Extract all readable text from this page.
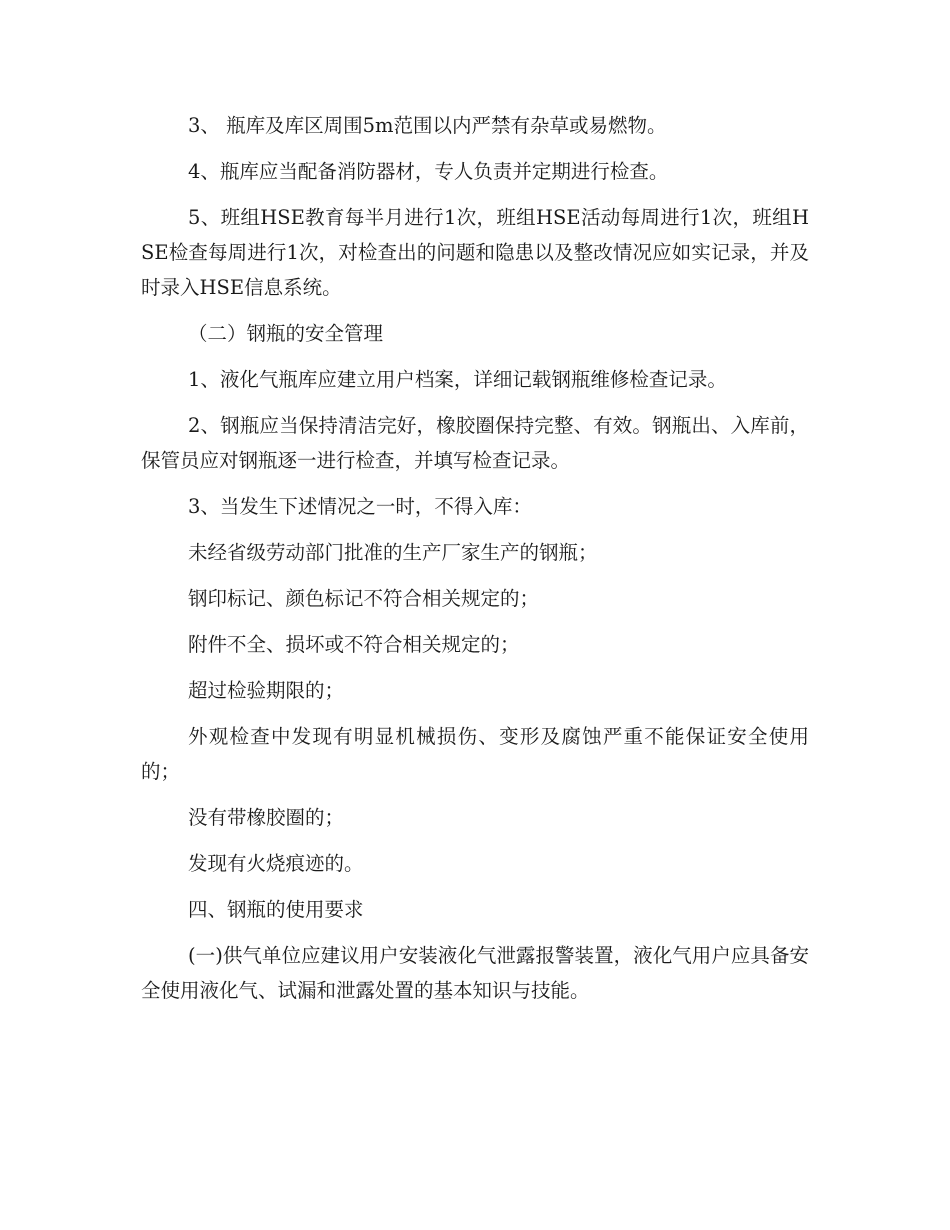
3、 瓶库及库区周围5m范围以内严禁有杂草或易燃物。

4、瓶库应当配备消防器材，专人负责并定期进行检查。

5、班组HSE教育每半月进行1次，班组HSE活动每周进行1次，班组HSE检查每周进行1次，对检查出的问题和隐患以及整改情况应如实记录，并及时录入HSE信息系统。

（二）钢瓶的安全管理

1、液化气瓶库应建立用户档案，详细记载钢瓶维修检查记录。

2、钢瓶应当保持清洁完好，橡胶圈保持完整、有效。钢瓶出、入库前，保管员应对钢瓶逐一进行检查，并填写检查记录。

3、当发生下述情况之一时，不得入库：

未经省级劳动部门批准的生产厂家生产的钢瓶；

钢印标记、颜色标记不符合相关规定的；

附件不全、损坏或不符合相关规定的；

超过检验期限的；

外观检查中发现有明显机械损伤、变形及腐蚀严重不能保证安全使用的；

没有带橡胶圈的；

发现有火烧痕迹的。

四、钢瓶的使用要求

(一)供气单位应建议用户安装液化气泄露报警装置，液化气用户应具备安全使用液化气、试漏和泄露处置的基本知识与技能。
